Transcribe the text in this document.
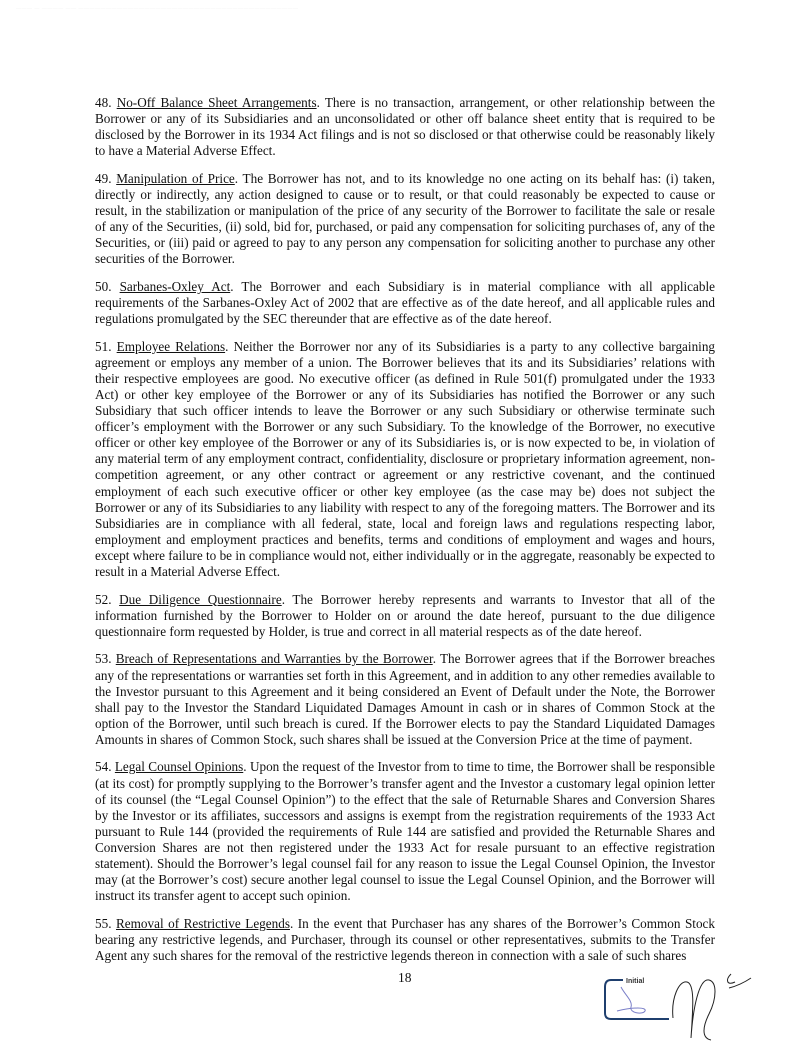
——— — ———— —— ————————————————————————————————————————

48. No-Off Balance Sheet Arrangements. There is no transaction, arrangement, or other relationship between the Borrower or any of its Subsidiaries and an unconsolidated or other off balance sheet entity that is required to be disclosed by the Borrower in its 1934 Act filings and is not so disclosed or that otherwise could be reasonably likely to have a Material Adverse Effect.

49. Manipulation of Price. The Borrower has not, and to its knowledge no one acting on its behalf has: (i) taken, directly or indirectly, any action designed to cause or to result, or that could reasonably be expected to cause or result, in the stabilization or manipulation of the price of any security of the Borrower to facilitate the sale or resale of any of the Securities, (ii) sold, bid for, purchased, or paid any compensation for soliciting purchases of, any of the Securities, or (iii) paid or agreed to pay to any person any compensation for soliciting another to purchase any other securities of the Borrower.

50. Sarbanes-Oxley Act. The Borrower and each Subsidiary is in material compliance with all applicable requirements of the Sarbanes-Oxley Act of 2002 that are effective as of the date hereof, and all applicable rules and regulations promulgated by the SEC thereunder that are effective as of the date hereof.

51. Employee Relations. Neither the Borrower nor any of its Subsidiaries is a party to any collective bargaining agreement or employs any member of a union. The Borrower believes that its and its Subsidiaries’ relations with their respective employees are good. No executive officer (as defined in Rule 501(f) promulgated under the 1933 Act) or other key employee of the Borrower or any of its Subsidiaries has notified the Borrower or any such Subsidiary that such officer intends to leave the Borrower or any such Subsidiary or otherwise terminate such officer’s employment with the Borrower or any such Subsidiary. To the knowledge of the Borrower, no executive officer or other key employee of the Borrower or any of its Subsidiaries is, or is now expected to be, in violation of any material term of any employment contract, confidentiality, disclosure or proprietary information agreement, non-competition agreement, or any other contract or agreement or any restrictive covenant, and the continued employment of each such executive officer or other key employee (as the case may be) does not subject the Borrower or any of its Subsidiaries to any liability with respect to any of the foregoing matters. The Borrower and its Subsidiaries are in compliance with all federal, state, local and foreign laws and regulations respecting labor, employment and employment practices and benefits, terms and conditions of employment and wages and hours, except where failure to be in compliance would not, either individually or in the aggregate, reasonably be expected to result in a Material Adverse Effect.

52. Due Diligence Questionnaire. The Borrower hereby represents and warrants to Investor that all of the information furnished by the Borrower to Holder on or around the date hereof, pursuant to the due diligence questionnaire form requested by Holder, is true and correct in all material respects as of the date hereof.

53. Breach of Representations and Warranties by the Borrower. The Borrower agrees that if the Borrower breaches any of the representations or warranties set forth in this Agreement, and in addition to any other remedies available to the Investor pursuant to this Agreement and it being considered an Event of Default under the Note, the Borrower shall pay to the Investor the Standard Liquidated Damages Amount in cash or in shares of Common Stock at the option of the Borrower, until such breach is cured. If the Borrower elects to pay the Standard Liquidated Damages Amounts in shares of Common Stock, such shares shall be issued at the Conversion Price at the time of payment.

54. Legal Counsel Opinions. Upon the request of the Investor from to time to time, the Borrower shall be responsible (at its cost) for promptly supplying to the Borrower’s transfer agent and the Investor a customary legal opinion letter of its counsel (the “Legal Counsel Opinion”) to the effect that the sale of Returnable Shares and Conversion Shares by the Investor or its affiliates, successors and assigns is exempt from the registration requirements of the 1933 Act pursuant to Rule 144 (provided the requirements of Rule 144 are satisfied and provided the Returnable Shares and Conversion Shares are not then registered under the 1933 Act for resale pursuant to an effective registration statement). Should the Borrower’s legal counsel fail for any reason to issue the Legal Counsel Opinion, the Investor may (at the Borrower’s cost) secure another legal counsel to issue the Legal Counsel Opinion, and the Borrower will instruct its transfer agent to accept such opinion.

55. Removal of Restrictive Legends. In the event that Purchaser has any shares of the Borrower’s Common Stock bearing any restrictive legends, and Purchaser, through its counsel or other representatives, submits to the Transfer Agent any such shares for the removal of the restrictive legends thereon in connection with a sale of such shares

18	Initial
